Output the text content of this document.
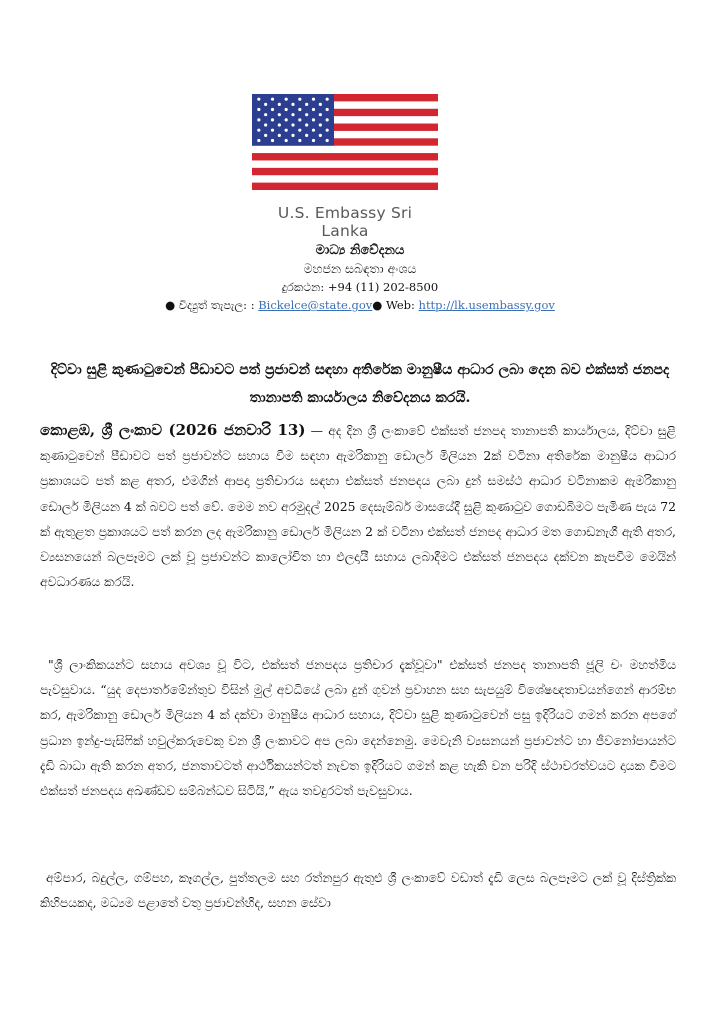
U.S. Embassy Sri Lanka
මාධ්‍ය නිවේදනය
මහජන සබඳතා අංශය
දුරකථන: +94 (11) 202-8500
● විද්‍යුත් තැපැල: : Bickelce@state.gov● Web: http://lk.usembassy.gov
දිට්වා සුළි කුණාටුවෙන් පීඩාවට පත් ප්‍රජාවන් සඳහා අතිරේක මානුෂීය ආධාර ලබා දෙන බව එක්සත් ජනපද තානාපති කාර්යාලය නිවේදනය කරයි.
කොළඹ, ශ්‍රී ලංකාව (2026 ජනවාරි 13) — අද දින ශ්‍රී ලංකාවේ එක්සත් ජනපද තානාපති කාර්යාලය, දිට්වා සුළි කුණාටුවෙන් පීඩාවට පත් ප්‍රජාවන්ට සහාය වීම සඳහා ඇමරිකානු ඩොලර් මිලියන 2ක් වටිනා අතිරේක මානුෂීය ආධාර ප්‍රකාශයට පත් කළ අතර, එමගින් ආපදා ප්‍රතිචාරය සඳහා එක්සත් ජනපදය ලබා දුන් සමස්ථ ආධාර වටිනාකම ඇමරිකානු ඩොලර් මිලියන 4 ක් බවට පත් වේ. මෙම නව අරමුදල් 2025 දෙසැම්බර් මාසයේදී සුළි කුණාටුව ගොඩබිමට පැමිණ පැය 72 ක් ඇතුළත ප්‍රකාශයට පත් කරන ලද ඇමරිකානු ඩොලර් මිලියන 2 ක් වටිනා එක්සත් ජනපද ආධාර මත ගොඩනැගී ඇති අතර, ව්‍යසනයෙන් බලපෑමට ලක් වූ ප්‍රජාවන්ට කාලෝචිත හා ඵලදායී සහාය ලබාදීමට එක්සත් ජනපදය දක්වන කැපවීම මෙයින් අවධාරණය කරයි.
"ශ්‍රී ලාංකිකයන්ට සහාය අවශ්‍ය වූ විට, එක්සත් ජනපදය ප්‍රතිචාර දැක්වූවා" එක්සත් ජනපද තානාපති ජූලි චං මහත්මිය පැවසුවාය. “යුද දෙපාර්තමේන්තුව විසින් මුල් අවධියේ ලබා දුන් ගුවන් ප්‍රවාහන සහ සැපයුම් විශේෂඥතාවයන්ගෙන් ආරම්භ කර, ඇමරිකානු ඩොලර් මිලියන 4 ක් දක්වා මානුෂීය ආධාර සහාය, දිට්වා සුළි කුණාටුවෙන් පසු ඉදිරියට ගමන් කරන අපගේ ප්‍රධාන ඉන්දු-පැසිෆික් හවුල්කරුවෙකු වන ශ්‍රී ලංකාවට අප ලබා දෙන්නෙමු. මෙවැනි ව්‍යසනයන් ප්‍රජාවන්ට හා ජීවනෝපායන්ට දැඩි බාධා ඇති කරන අතර, ජනතාවටත් ආර්ථිකයන්ටත් නැවත ඉදිරියට ගමන් කළ හැකි වන පරිදි ස්ථාවරත්වයට දායක වීමට එක්සත් ජනපදය අඛණ්ඩව සම්බන්ධව සිටියි,” ඇය තවදුරටත් පැවසුවාය.
අම්පාර, බදුල්ල, ගම්පහ, කෑගල්ල, පුත්තලම සහ රත්නපුර ඇතුළු ශ්‍රී ලංකාවේ වඩාත් දැඩි ලෙස බලපෑමට ලක් වූ දිස්ත්‍රික්ක කිහිපයකද, මධ්‍යම පළාතේ වතු ප්‍රජාවන්හිද, සහන සේවා
